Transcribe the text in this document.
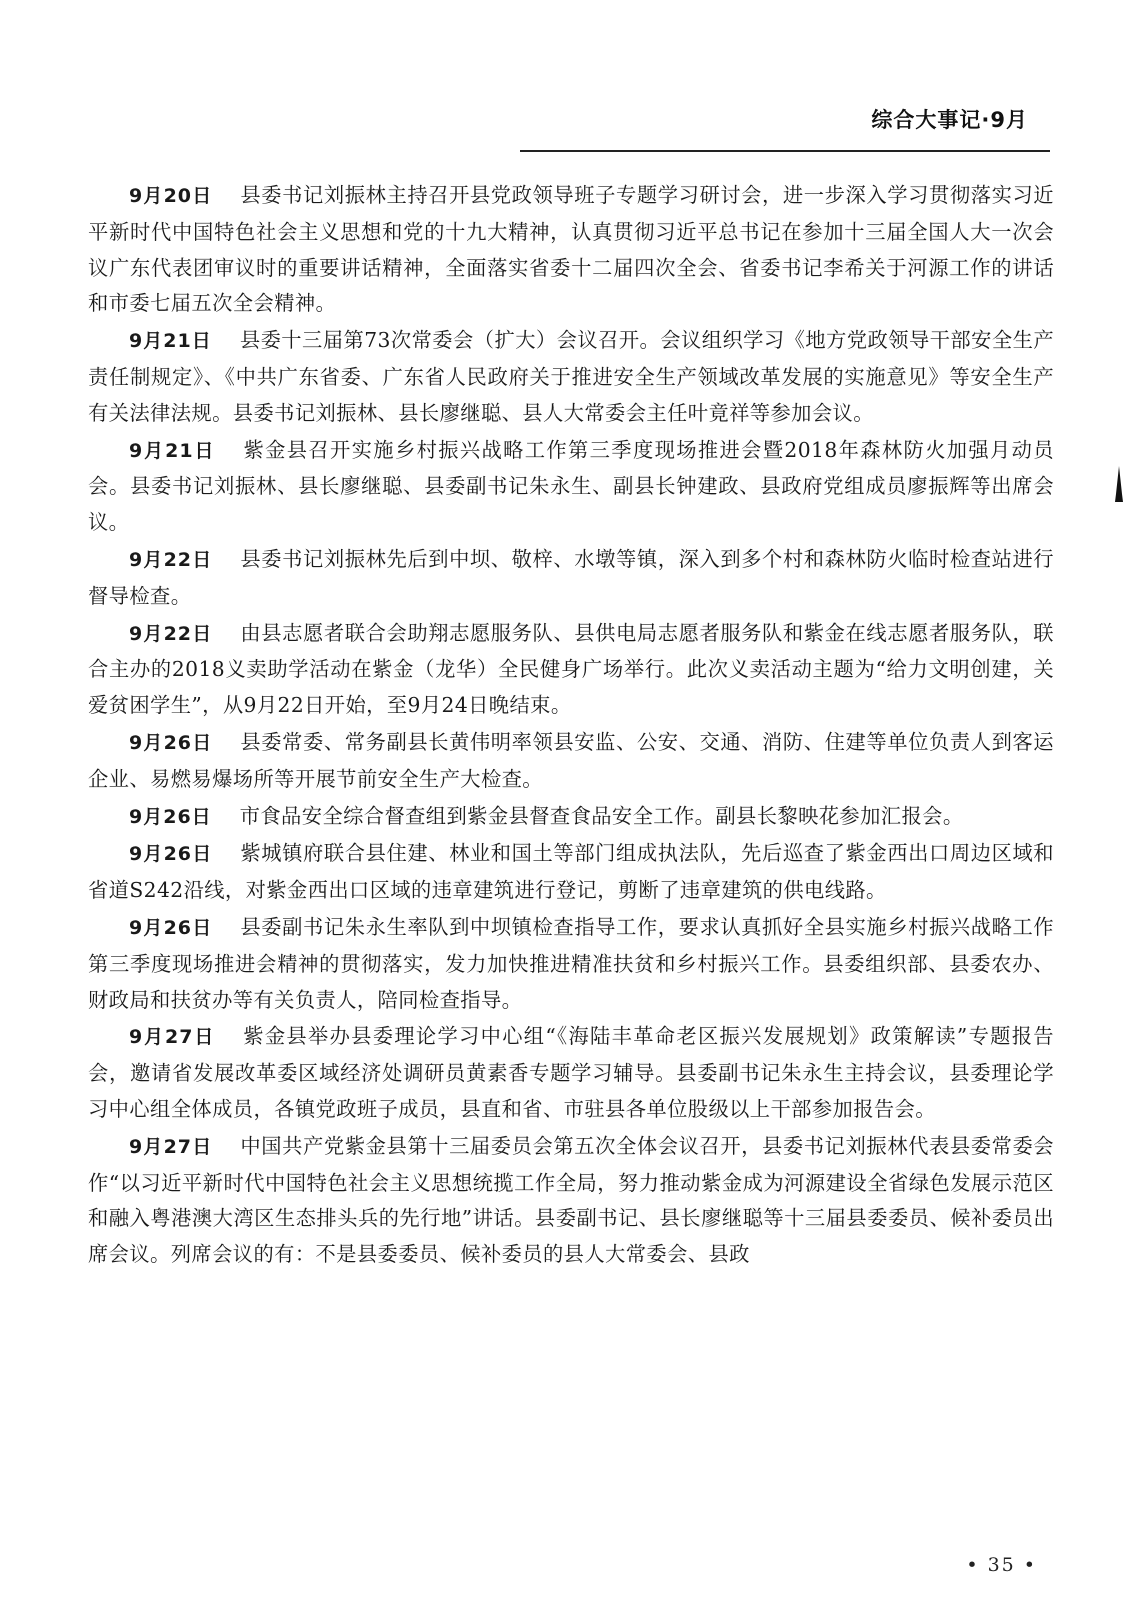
综合大事记·9月

9月20日 县委书记刘振林主持召开县党政领导班子专题学习研讨会，进一步深入学习贯彻落实习近平新时代中国特色社会主义思想和党的十九大精神，认真贯彻习近平总书记在参加十三届全国人大一次会议广东代表团审议时的重要讲话精神，全面落实省委十二届四次全会、省委书记李希关于河源工作的讲话和市委七届五次全会精神。

9月21日 县委十三届第73次常委会（扩大）会议召开。会议组织学习《地方党政领导干部安全生产责任制规定》、《中共广东省委、广东省人民政府关于推进安全生产领域改革发展的实施意见》等安全生产有关法律法规。县委书记刘振林、县长廖继聪、县人大常委会主任叶竟祥等参加会议。

9月21日 紫金县召开实施乡村振兴战略工作第三季度现场推进会暨2018年森林防火加强月动员会。县委书记刘振林、县长廖继聪、县委副书记朱永生、副县长钟建政、县政府党组成员廖振辉等出席会议。

9月22日 县委书记刘振林先后到中坝、敬梓、水墩等镇，深入到多个村和森林防火临时检查站进行督导检查。

9月22日 由县志愿者联合会助翔志愿服务队、县供电局志愿者服务队和紫金在线志愿者服务队，联合主办的2018义卖助学活动在紫金（龙华）全民健身广场举行。此次义卖活动主题为“给力文明创建，关爱贫困学生”，从9月22日开始，至9月24日晚结束。

9月26日 县委常委、常务副县长黄伟明率领县安监、公安、交通、消防、住建等单位负责人到客运企业、易燃易爆场所等开展节前安全生产大检查。

9月26日 市食品安全综合督查组到紫金县督查食品安全工作。副县长黎映花参加汇报会。

9月26日 紫城镇府联合县住建、林业和国土等部门组成执法队，先后巡查了紫金西出口周边区域和省道S242沿线，对紫金西出口区域的违章建筑进行登记，剪断了违章建筑的供电线路。

9月26日 县委副书记朱永生率队到中坝镇检查指导工作，要求认真抓好全县实施乡村振兴战略工作第三季度现场推进会精神的贯彻落实，发力加快推进精准扶贫和乡村振兴工作。县委组织部、县委农办、财政局和扶贫办等有关负责人，陪同检查指导。

9月27日 紫金县举办县委理论学习中心组“《海陆丰革命老区振兴发展规划》政策解读”专题报告会，邀请省发展改革委区域经济处调研员黄素香专题学习辅导。县委副书记朱永生主持会议，县委理论学习中心组全体成员，各镇党政班子成员，县直和省、市驻县各单位股级以上干部参加报告会。

9月27日 中国共产党紫金县第十三届委员会第五次全体会议召开，县委书记刘振林代表县委常委会作“以习近平新时代中国特色社会主义思想统揽工作全局，努力推动紫金成为河源建设全省绿色发展示范区和融入粤港澳大湾区生态排头兵的先行地”讲话。县委副书记、县长廖继聪等十三届县委委员、候补委员出席会议。列席会议的有：不是县委委员、候补委员的县人大常委会、县政

• 35 •
